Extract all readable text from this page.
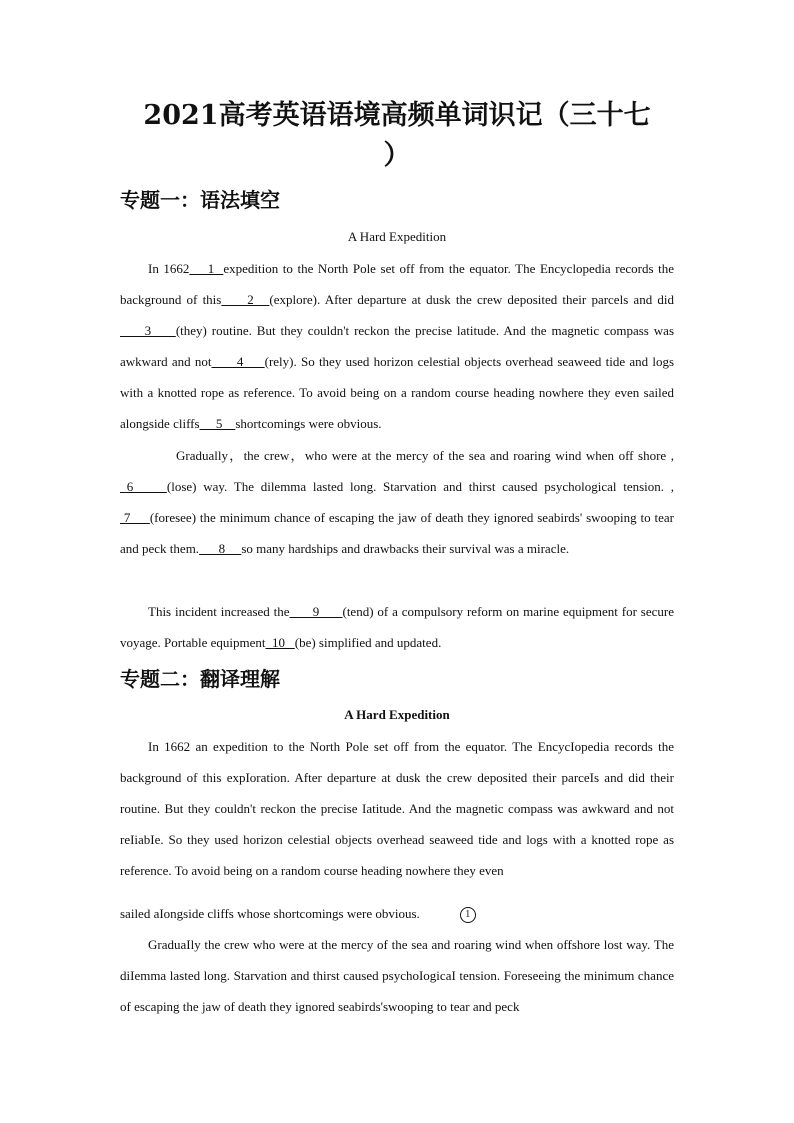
2021高考英语语境高频单词识记（三十七
）
专题一：语法填空

A Hard Expedition

In 1662    1  expedition to the North Pole set off from the equator. The Encyclopedia records the background of this     2   (explore). After departure at dusk the crew deposited their parcels and did     3     (they) routine. But they couldn't reckon the precise latitude. And the magnetic compass was awkward and not      4     (rely). So they used horizon celestial objects overhead seaweed tide and logs with a knotted rope as reference. To avoid being on a random course heading nowhere they even sailed alongside cliffs     5    shortcomings were obvious.

Gradually，the crew，who were at the mercy of the sea and roaring wind when off shore , 6     (lose) way. The dilemma lasted long. Starvation and thirst caused psychological tension. , 7     (foresee) the minimum chance of escaping the jaw of death they ignored seabirds' swooping to tear and peck them.      8     so many hardships and drawbacks their survival was a miracle.

This incident increased the      9      (tend) of a compulsory reform on marine equipment for secure voyage. Portable equipment  10   (be) simplified and updated.

专题二：翻译理解

A Hard Expedition

In 1662 an expedition to the North Pole set off from the equator. The EncycIopedia records the background of this expIoration. After departure at dusk the crew deposited their parceIs and did their routine. But they couldn't reckon the precise Iatitude. And the magnetic compass was awkward and not reIiabIe. So they used horizon celestial objects overhead seaweed tide and logs with a knotted rope as reference. To avoid being on a random course heading nowhere they even

sailed aIongside cliffs whose shortcomings were obvious.	1

GraduaIly the crew who were at the mercy of the sea and roaring wind when offshore lost way. The diIemma lasted long. Starvation and thirst caused psychoIogicaI tension. Foreseeing the minimum chance of escaping the jaw of death they ignored seabirds'swooping to tear and peck
